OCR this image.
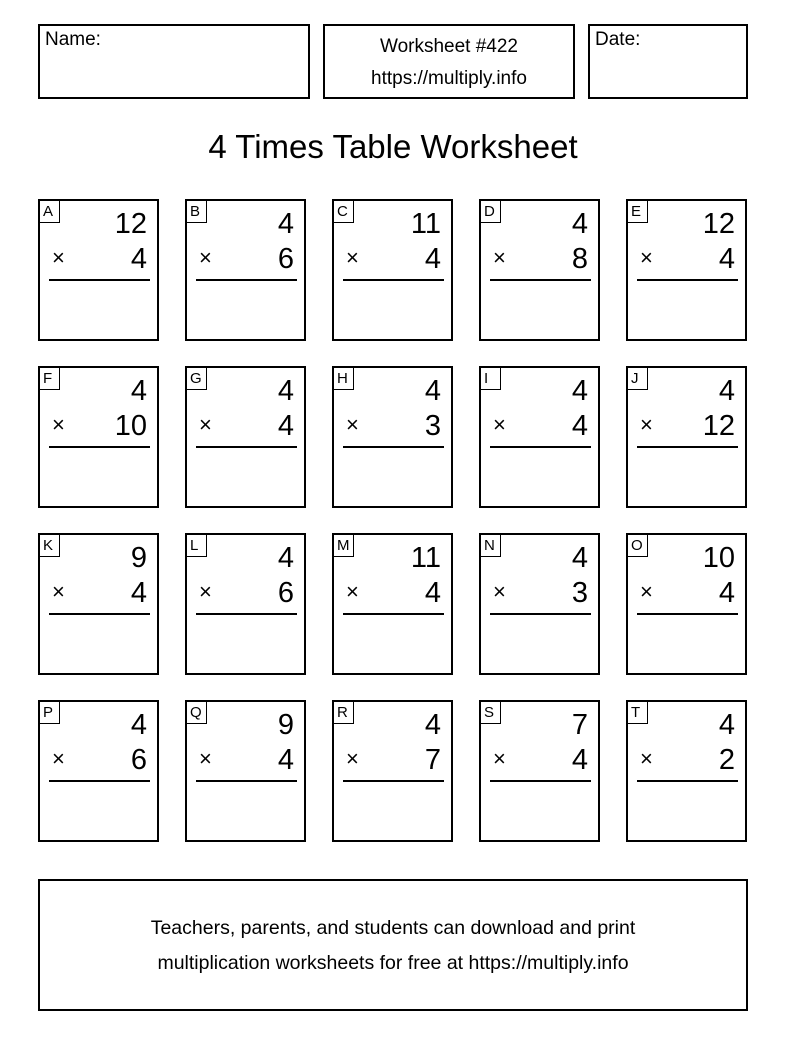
Name:	Worksheet #422
https://multiply.info
Date:
4 Times Table Worksheet
A 12
× 4
B	4
× 6
C 11
× 4
D	4
× 8
E 12
× 4
F	4
× 10
G	4
× 4
H	4
× 3
I	4
× 4
J	4
× 12
K	9
× 4
L	4
× 6
M 11
× 4
N	4
× 3
O 10
× 4
P	4
× 6
Q	9
× 4
R	4
× 7
S	7
× 4
T	4
× 2
Teachers, parents, and students can download and print
multiplication worksheets for free at https://multiply.info
